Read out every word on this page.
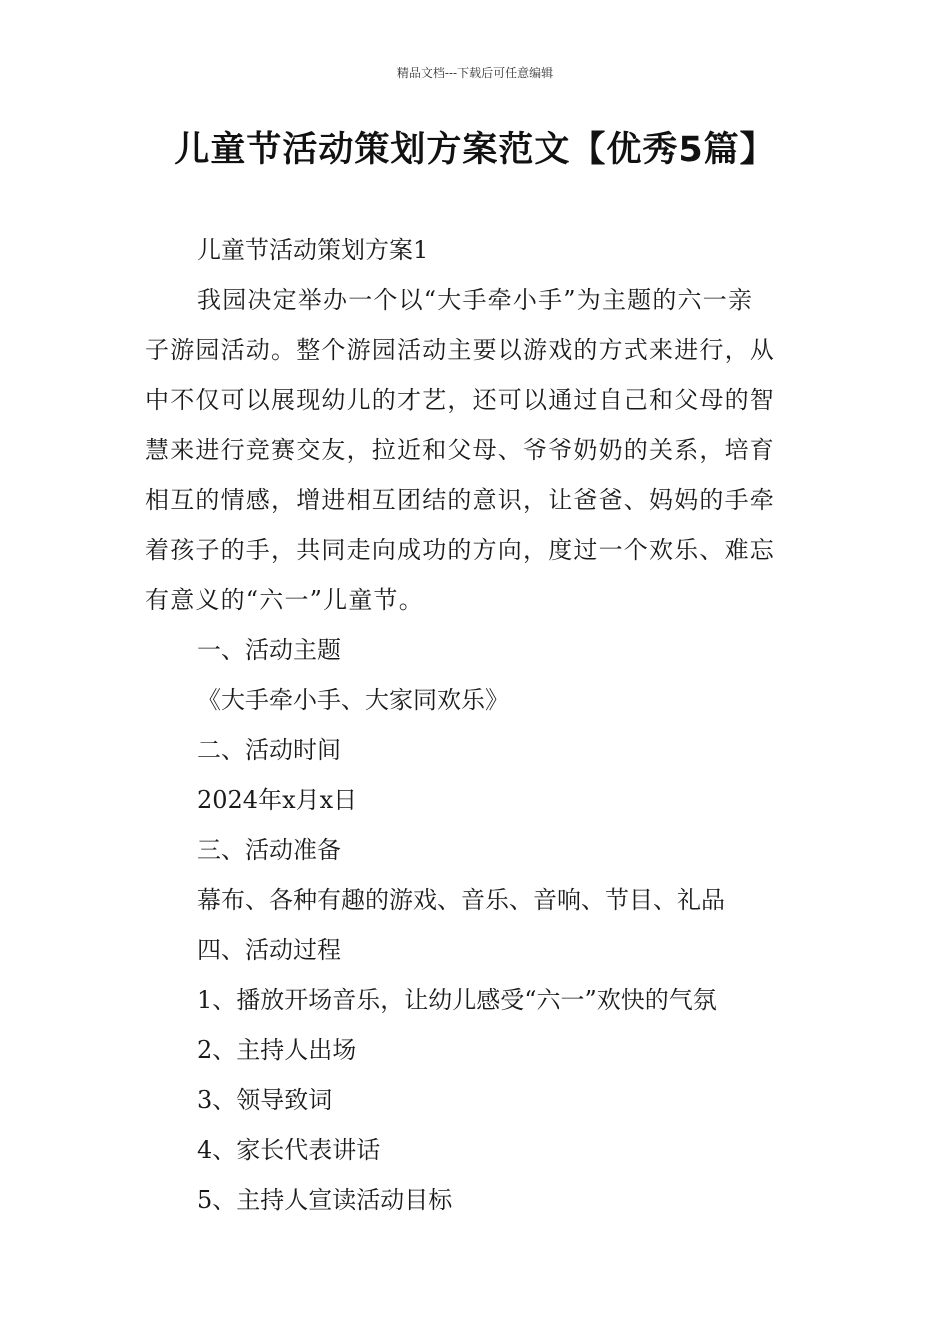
精品文档---下载后可任意编辑
儿童节活动策划方案范文【优秀5篇】
儿童节活动策划方案1
我园决定举办一个以“大手牵小手”为主题的六一亲
子游园活动。整个游园活动主要以游戏的方式来进行，从
中不仅可以展现幼儿的才艺，还可以通过自己和父母的智
慧来进行竞赛交友，拉近和父母、爷爷奶奶的关系，培育
相互的情感，增进相互团结的意识，让爸爸、妈妈的手牵
着孩子的手，共同走向成功的方向，度过一个欢乐、难忘
有意义的“六一”儿童节。
一、活动主题
《大手牵小手、大家同欢乐》
二、活动时间
2024年x月x日
三、活动准备
幕布、各种有趣的游戏、音乐、音响、节目、礼品
四、活动过程
1、播放开场音乐，让幼儿感受“六一”欢快的气氛
2、主持人出场
3、领导致词
4、家长代表讲话
5、主持人宣读活动目标
